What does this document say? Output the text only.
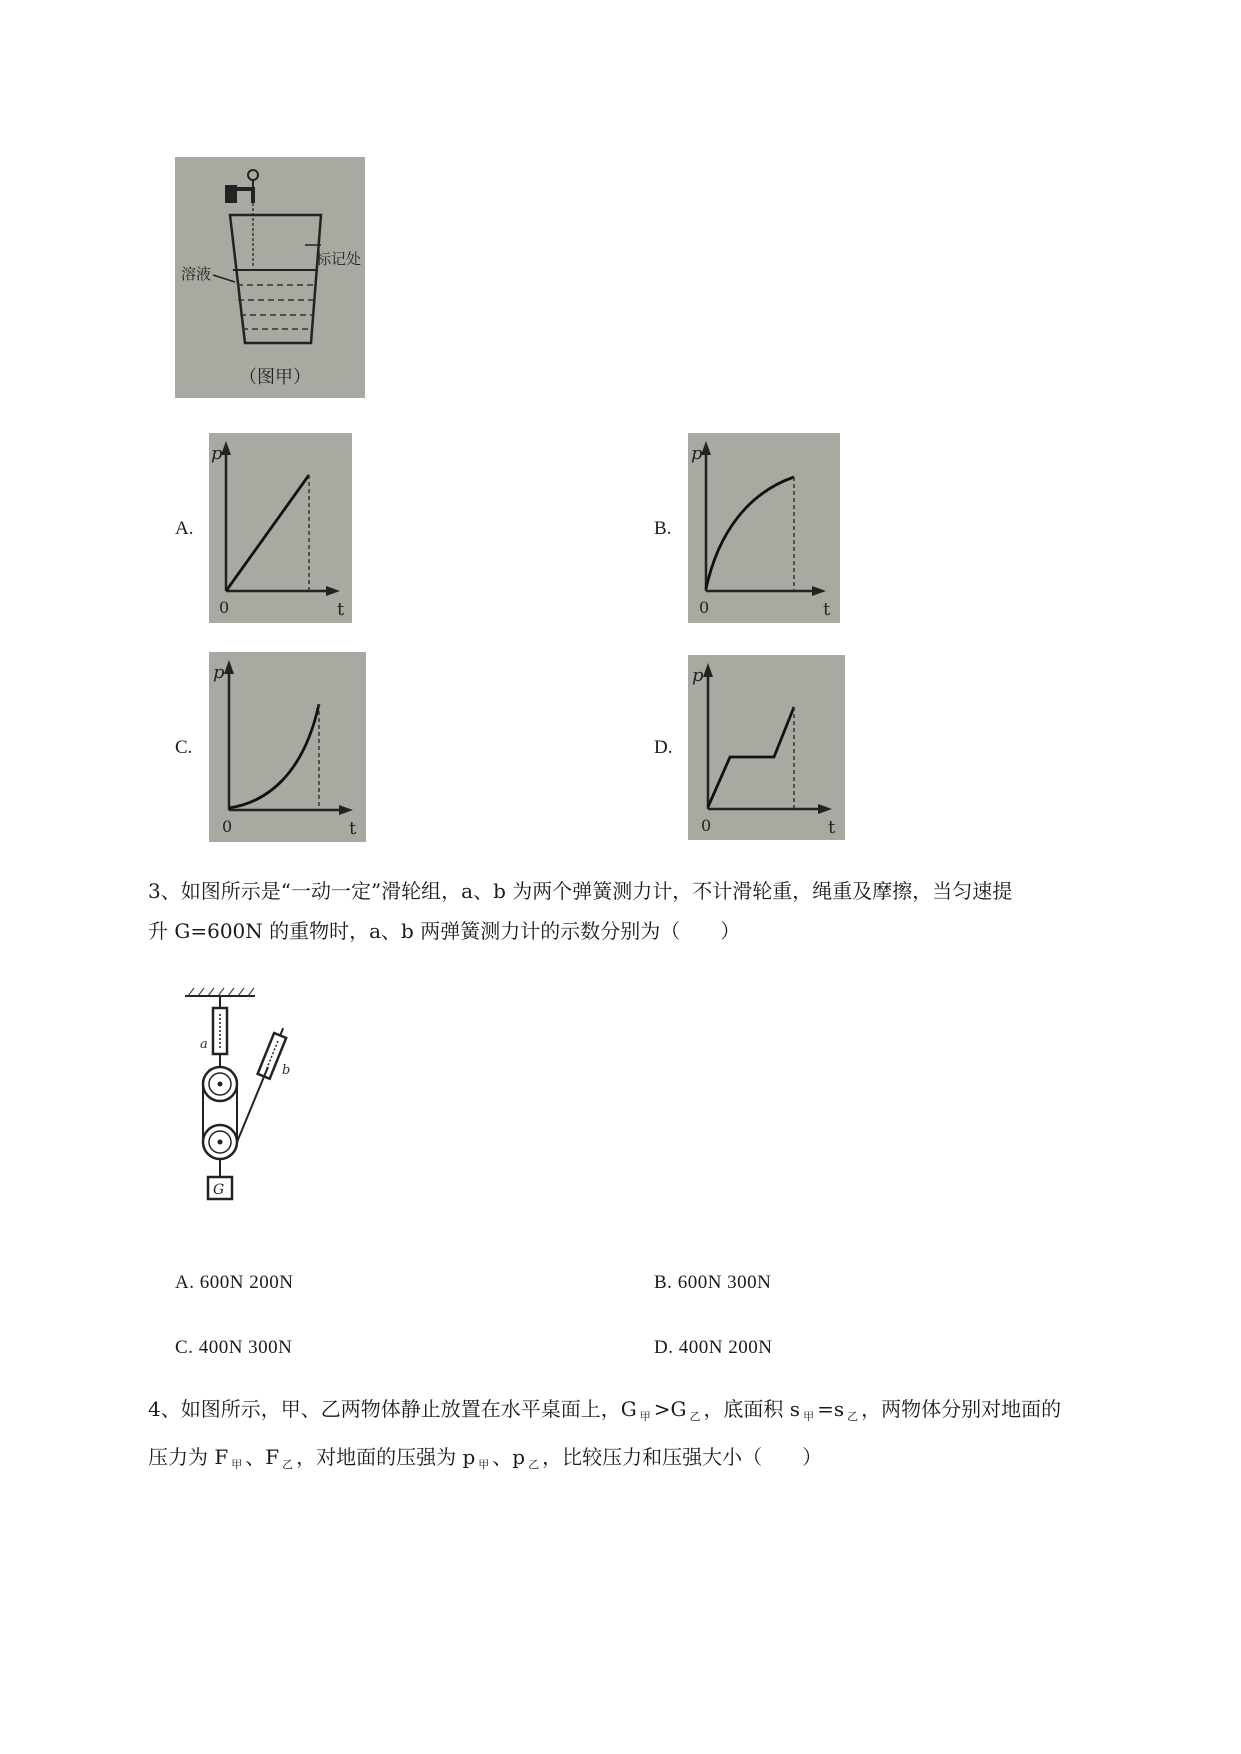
溶液
标记处
（图甲）
A.	B.
C.	D.
p
t
0
p
t
0
p
t
0
p
t
0
3、如图所示是“一动一定”滑轮组，a、b 为两个弹簧测力计，不计滑轮重，绳重及摩擦，当匀速提
升 G=600N 的重物时，a、b 两弹簧测力计的示数分别为（　　）
a
b
G
A. 600N 200N	B. 600N 300N
C. 400N 300N	D. 400N 200N
4、如图所示，甲、乙两物体静止放置在水平桌面上，G $_甲$ >G $_乙$ ，底面积 s $_甲$ =s $_乙$ ，两物体分别对地面的
压力为 F $_甲$ 、F $_乙$ ，对地面的压强为 p $_甲$ 、p $_乙$ ，比较压力和压强大小（　　）
